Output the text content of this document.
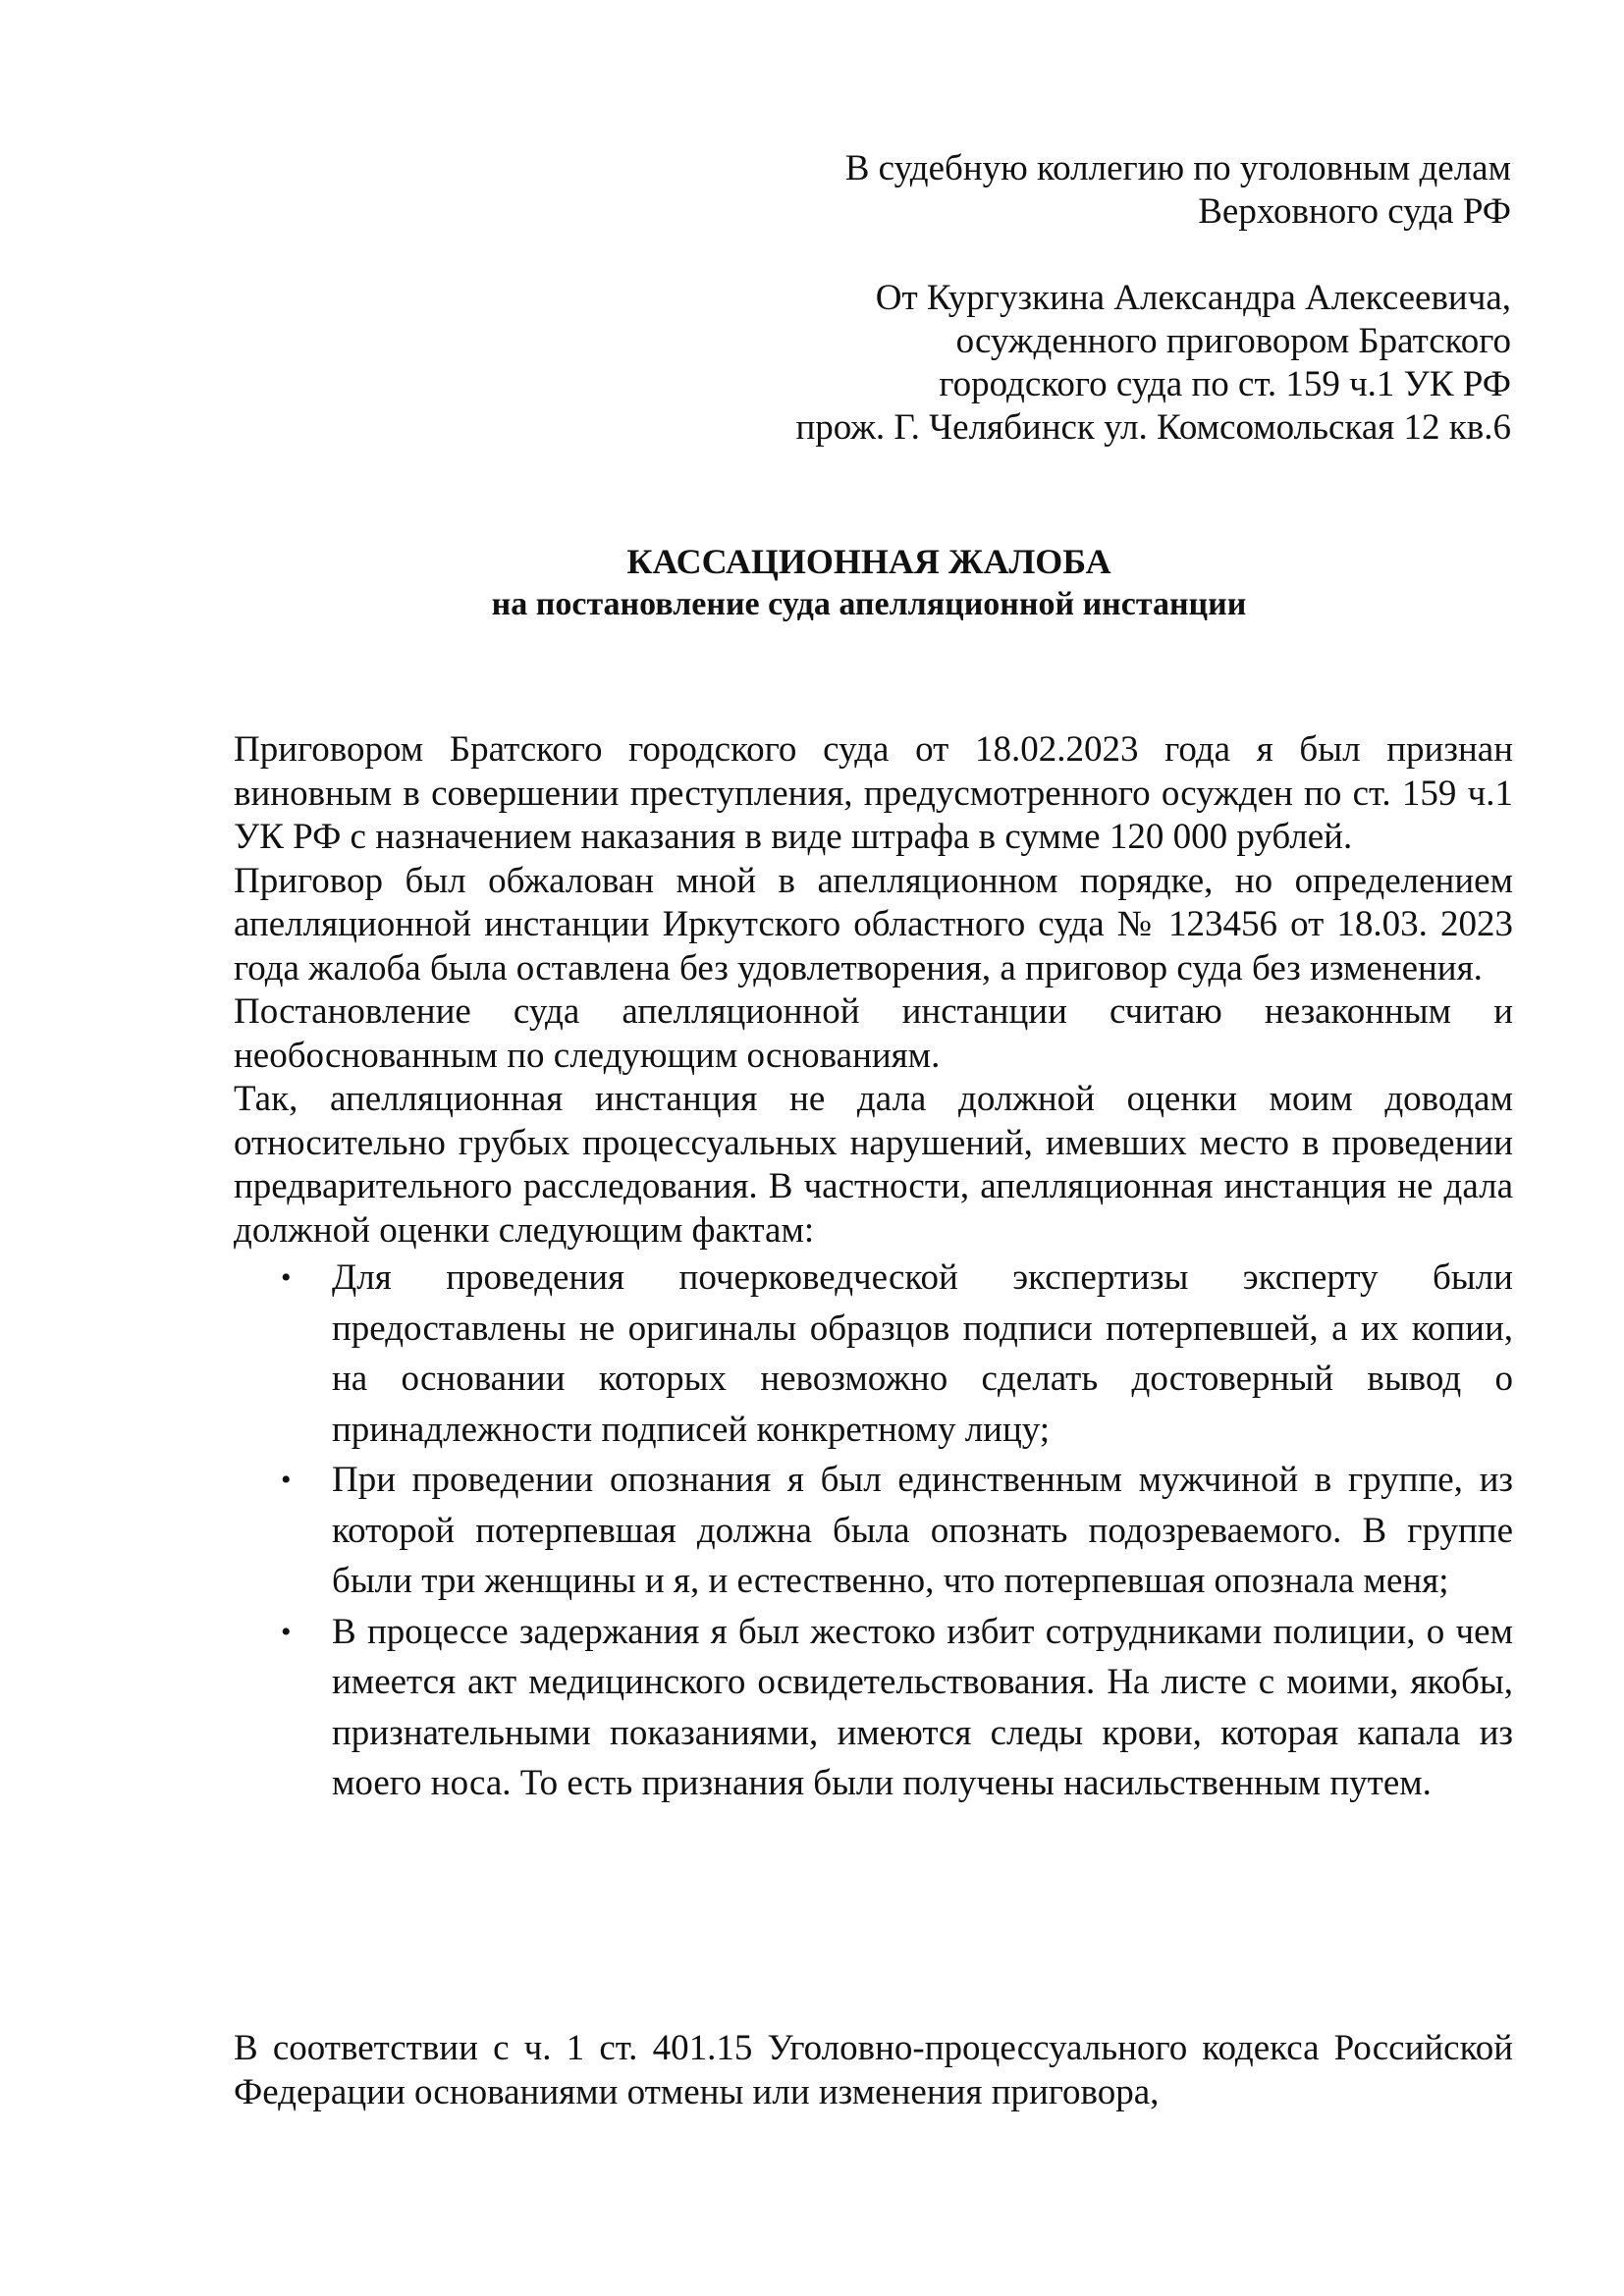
В судебную коллегию по уголовным делам
Верховного суда РФ
От Кургузкина Александра Алексеевича,
осужденного приговором Братского
городского суда по ст. 159 ч.1 УК РФ
прож. Г. Челябинск ул. Комсомольская 12 кв.6
КАССАЦИОННАЯ ЖАЛОБА
на постановление суда апелляционной инстанции

Приговором Братского городского суда от 18.02.2023 года я был признан виновным в совершении преступления, предусмотренного осужден по ст. 159 ч.1 УК РФ с назначением наказания в виде штрафа в сумме 120 000 рублей.

Приговор был обжалован мной в апелляционном порядке, но определением апелляционной инстанции Иркутского областного суда № 123456 от 18.03. 2023 года жалоба была оставлена без удовлетворения, а приговор суда без изменения.

Постановление суда апелляционной инстанции считаю незаконным и необоснованным по следующим основаниям.

Так, апелляционная инстанция не дала должной оценки моим доводам относительно грубых процессуальных нарушений, имевших место в проведении предварительного расследования. В частности, апелляционная инстанция не дала должной оценки следующим фактам:

• Для проведения почерковедческой экспертизы эксперту были предоставлены не оригиналы образцов подписи потерпевшей, а их копии, на основании которых невозможно сделать достоверный вывод о принадлежности подписей конкретному лицу;
• При проведении опознания я был единственным мужчиной в группе, из которой потерпевшая должна была опознать подозреваемого. В группе были три женщины и я, и естественно, что потерпевшая опознала меня;
• В процессе задержания я был жестоко избит сотрудниками полиции, о чем имеется акт медицинского освидетельствования. На листе с моими, якобы, признательными показаниями, имеются следы крови, которая капала из моего носа. То есть признания были получены насильственным путем.

В соответствии с ч. 1 ст. 401.15 Уголовно-процессуального кодекса Российской Федерации основаниями отмены или изменения приговора,
